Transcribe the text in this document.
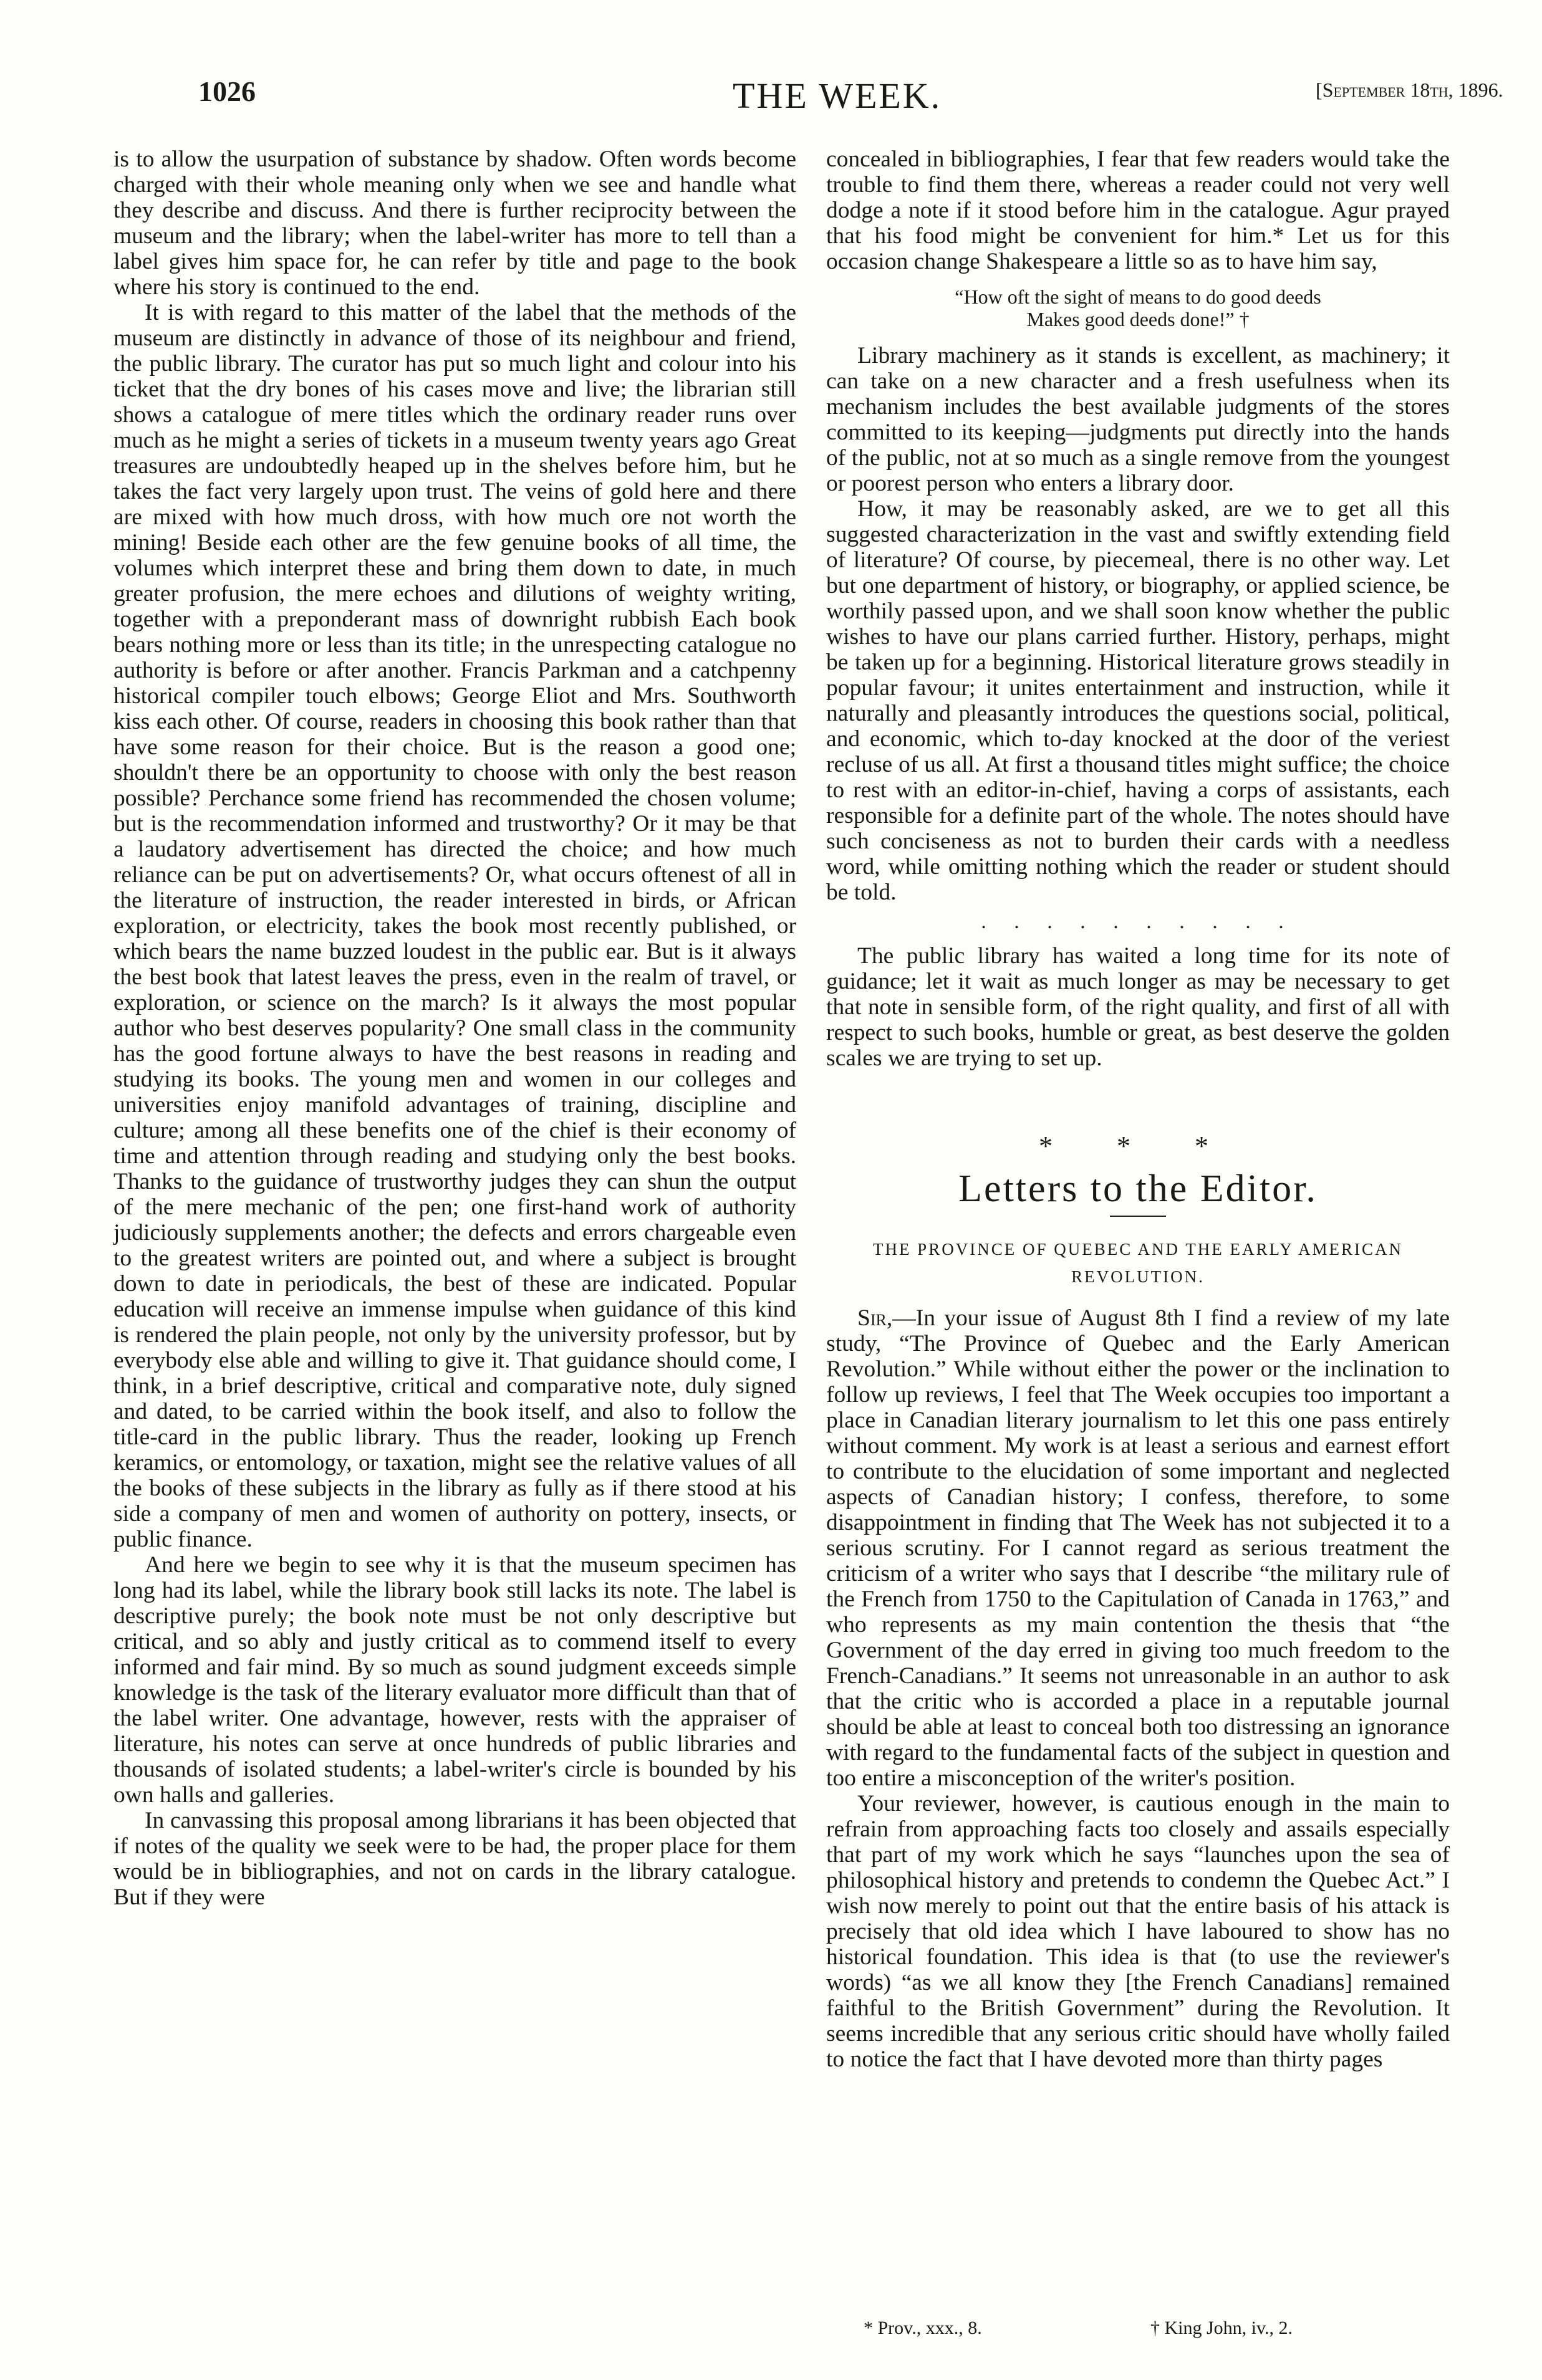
1026	THE WEEK.	[September 18th, 1896.

is to allow the usurpation of substance by shadow. Often words become charged with their whole meaning only when we see and handle what they describe and discuss. And there is further reciprocity between the museum and the library; when the label-writer has more to tell than a label gives him space for, he can refer by title and page to the book where his story is continued to the end.

It is with regard to this matter of the label that the methods of the museum are distinctly in advance of those of its neighbour and friend, the public library. The curator has put so much light and colour into his ticket that the dry bones of his cases move and live; the librarian still shows a catalogue of mere titles which the ordinary reader runs over much as he might a series of tickets in a museum twenty years ago Great treasures are undoubtedly heaped up in the shelves before him, but he takes the fact very largely upon trust. The veins of gold here and there are mixed with how much dross, with how much ore not worth the mining! Beside each other are the few genuine books of all time, the volumes which interpret these and bring them down to date, in much greater profusion, the mere echoes and dilutions of weighty writing, together with a preponderant mass of downright rubbish Each book bears nothing more or less than its title; in the unrespecting catalogue no authority is before or after another. Francis Parkman and a catchpenny historical compiler touch elbows; George Eliot and Mrs. Southworth kiss each other. Of course, readers in choosing this book rather than that have some reason for their choice. But is the reason a good one; shouldn't there be an opportunity to choose with only the best reason possible? Perchance some friend has recommended the chosen volume; but is the recommendation informed and trustworthy? Or it may be that a laudatory advertisement has directed the choice; and how much reliance can be put on advertisements? Or, what occurs oftenest of all in the literature of instruction, the reader interested in birds, or African exploration, or electricity, takes the book most recently published, or which bears the name buzzed loudest in the public ear. But is it always the best book that latest leaves the press, even in the realm of travel, or exploration, or science on the march? Is it always the most popular author who best deserves popularity? One small class in the community has the good fortune always to have the best reasons in reading and studying its books. The young men and women in our colleges and universities enjoy manifold advantages of training, discipline and culture; among all these benefits one of the chief is their economy of time and attention through reading and studying only the best books. Thanks to the guidance of trustworthy judges they can shun the output of the mere mechanic of the pen; one first-hand work of authority judiciously supplements another; the defects and errors chargeable even to the greatest writers are pointed out, and where a subject is brought down to date in periodicals, the best of these are indicated. Popular education will receive an immense impulse when guidance of this kind is rendered the plain people, not only by the university professor, but by everybody else able and willing to give it. That guidance should come, I think, in a brief descriptive, critical and comparative note, duly signed and dated, to be carried within the book itself, and also to follow the title-card in the public library. Thus the reader, looking up French keramics, or entomology, or taxation, might see the relative values of all the books of these subjects in the library as fully as if there stood at his side a company of men and women of authority on pottery, insects, or public finance.

And here we begin to see why it is that the museum specimen has long had its label, while the library book still lacks its note. The label is descriptive purely; the book note must be not only descriptive but critical, and so ably and justly critical as to commend itself to every informed and fair mind. By so much as sound judgment exceeds simple knowledge is the task of the literary evaluator more difficult than that of the label writer. One advantage, however, rests with the appraiser of literature, his notes can serve at once hundreds of public libraries and thousands of isolated students; a label-writer's circle is bounded by his own halls and galleries.

In canvassing this proposal among librarians it has been objected that if notes of the quality we seek were to be had, the proper place for them would be in bibliographies, and not on cards in the library catalogue. But if they were

concealed in bibliographies, I fear that few readers would take the trouble to find them there, whereas a reader could not very well dodge a note if it stood before him in the catalogue. Agur prayed that his food might be convenient for him.* Let us for this occasion change Shakespeare a little so as to have him say,

“How oft the sight of means to do good deeds
Makes good deeds done!” †

Library machinery as it stands is excellent, as machinery; it can take on a new character and a fresh usefulness when its mechanism includes the best available judgments of the stores committed to its keeping—judgments put directly into the hands of the public, not at so much as a single remove from the youngest or poorest person who enters a library door.

How, it may be reasonably asked, are we to get all this suggested characterization in the vast and swiftly extending field of literature? Of course, by piecemeal, there is no other way. Let but one department of history, or biography, or applied science, be worthily passed upon, and we shall soon know whether the public wishes to have our plans carried further. History, perhaps, might be taken up for a beginning. Historical literature grows steadily in popular favour; it unites entertainment and instruction, while it naturally and pleasantly introduces the questions social, political, and economic, which to-day knocked at the door of the veriest recluse of us all. At first a thousand titles might suffice; the choice to rest with an editor-in-chief, having a corps of assistants, each responsible for a definite part of the whole. The notes should have such conciseness as not to burden their cards with a needless word, while omitting nothing which the reader or student should be told.

. . . . . . . . . .

The public library has waited a long time for its note of guidance; let it wait as much longer as may be necessary to get that note in sensible form, of the right quality, and first of all with respect to such books, humble or great, as best deserve the golden scales we are trying to set up.

* * *
Letters to the Editor.
THE PROVINCE OF QUEBEC AND THE EARLY AMERICAN
REVOLUTION.

Sir,—In your issue of August 8th I find a review of my late study, “The Province of Quebec and the Early American Revolution.” While without either the power or the inclination to follow up reviews, I feel that The Week occupies too important a place in Canadian literary journalism to let this one pass entirely without comment. My work is at least a serious and earnest effort to contribute to the elucidation of some important and neglected aspects of Canadian history; I confess, therefore, to some disappointment in finding that The Week has not subjected it to a serious scrutiny. For I cannot regard as serious treatment the criticism of a writer who says that I describe “the military rule of the French from 1750 to the Capitulation of Canada in 1763,” and who represents as my main contention the thesis that “the Government of the day erred in giving too much freedom to the French-Canadians.” It seems not unreasonable in an author to ask that the critic who is accorded a place in a reputable journal should be able at least to conceal both too distressing an ignorance with regard to the fundamental facts of the subject in question and too entire a misconception of the writer's position.

Your reviewer, however, is cautious enough in the main to refrain from approaching facts too closely and assails especially that part of my work which he says “launches upon the sea of philosophical history and pretends to condemn the Quebec Act.” I wish now merely to point out that the entire basis of his attack is precisely that old idea which I have laboured to show has no historical foundation. This idea is that (to use the reviewer's words) “as we all know they [the French Canadians] remained faithful to the British Government” during the Revolution. It seems incredible that any serious critic should have wholly failed to notice the fact that I have devoted more than thirty pages

* Prov., xxx., 8.	† King John, iv., 2.
